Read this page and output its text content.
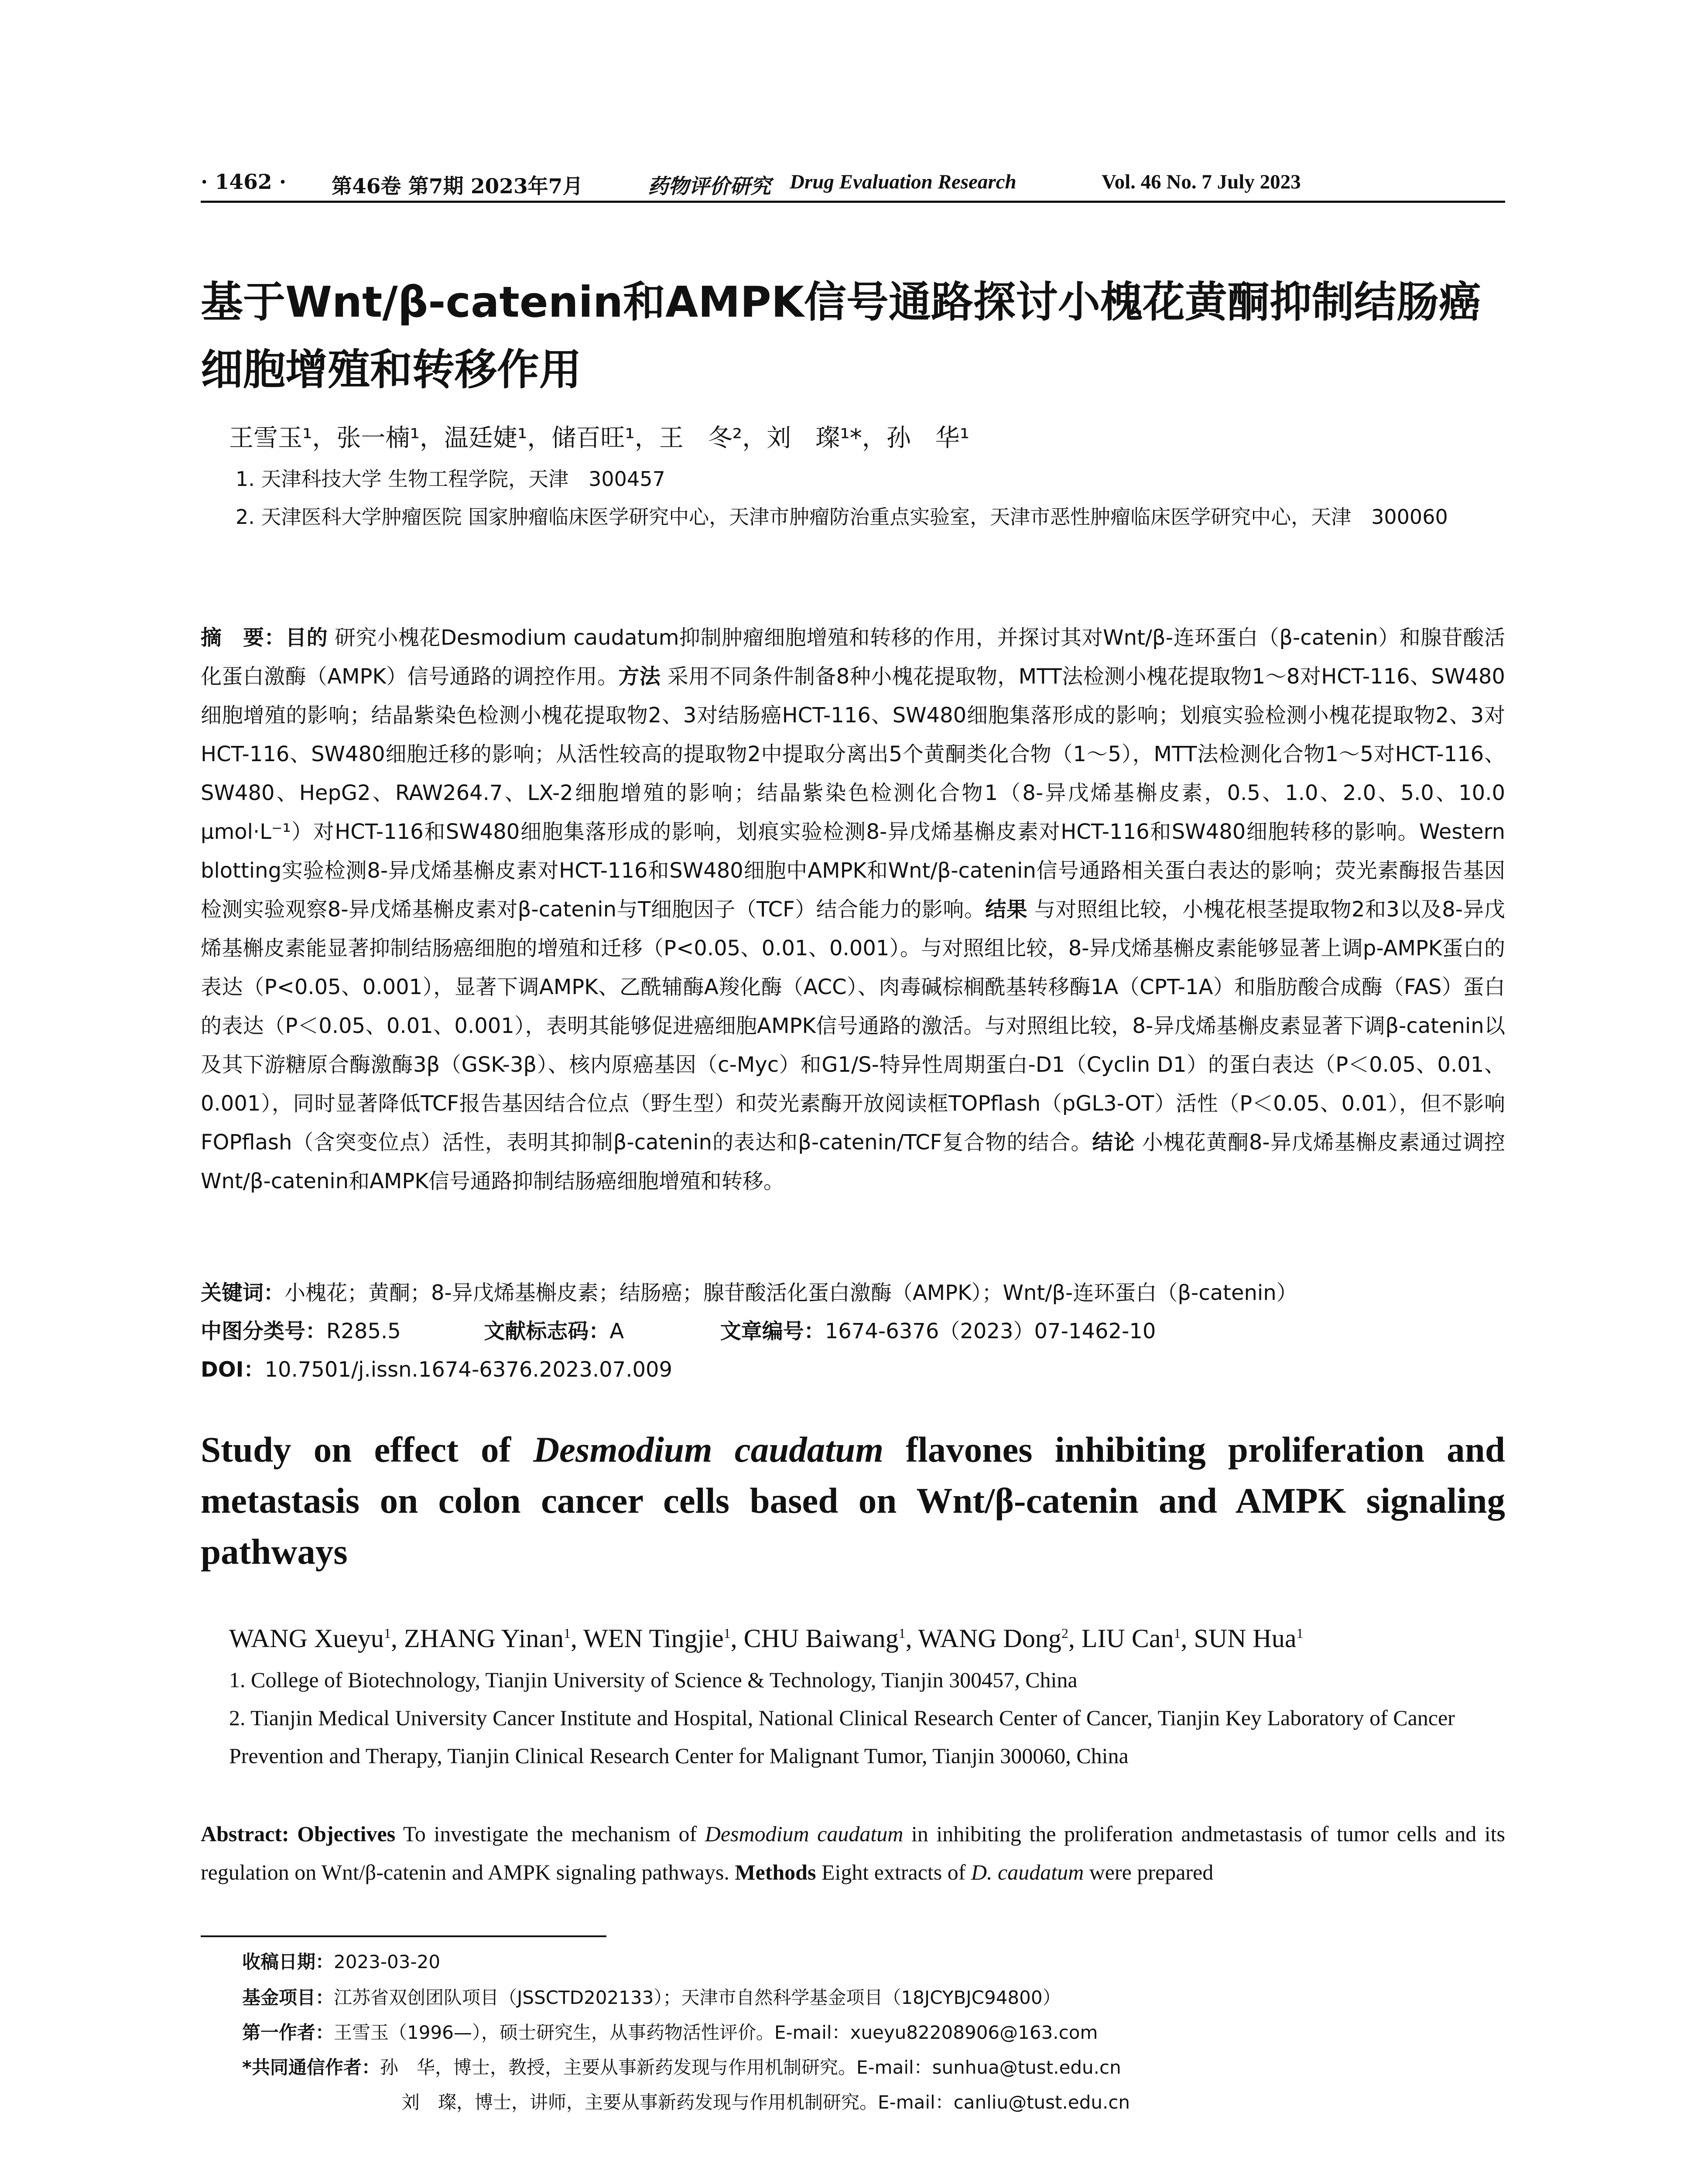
· 1462 · 第46卷 第7期 2023年7月	药物评价研究 Drug Evaluation Research	Vol. 46 No. 7 July 2023
基于Wnt/β-catenin和AMPK信号通路探讨小槐花黄酮抑制结肠癌细胞增殖和转移作用
王雪玉¹，张一楠¹，温廷婕¹，储百旺¹，王　冬²，刘　璨¹*，孙　华¹
1. 天津科技大学 生物工程学院，天津　300457
2. 天津医科大学肿瘤医院 国家肿瘤临床医学研究中心，天津市肿瘤防治重点实验室，天津市恶性肿瘤临床医学研究中心，天津　300060
摘　要：目的 研究小槐花Desmodium caudatum抑制肿瘤细胞增殖和转移的作用，并探讨其对Wnt/β-连环蛋白（β-catenin）和腺苷酸活化蛋白激酶（AMPK）信号通路的调控作用。方法 采用不同条件制备8种小槐花提取物，MTT法检测小槐花提取物1～8对HCT-116、SW480细胞增殖的影响；结晶紫染色检测小槐花提取物2、3对结肠癌HCT-116、SW480细胞集落形成的影响；划痕实验检测小槐花提取物2、3对HCT-116、SW480细胞迁移的影响；从活性较高的提取物2中提取分离出5个黄酮类化合物（1～5），MTT法检测化合物1～5对HCT-116、SW480、HepG2、RAW264.7、LX-2细胞增殖的影响；结晶紫染色检测化合物1（8-异戊烯基槲皮素，0.5、1.0、2.0、5.0、10.0 μmol·L⁻¹）对HCT-116和SW480细胞集落形成的影响，划痕实验检测8-异戊烯基槲皮素对HCT-116和SW480细胞转移的影响。Western blotting实验检测8-异戊烯基槲皮素对HCT-116和SW480细胞中AMPK和Wnt/β-catenin信号通路相关蛋白表达的影响；荧光素酶报告基因检测实验观察8-异戊烯基槲皮素对β-catenin与T细胞因子（TCF）结合能力的影响。结果 与对照组比较，小槐花根茎提取物2和3以及8-异戊烯基槲皮素能显著抑制结肠癌细胞的增殖和迁移（P<0.05、0.01、0.001）。与对照组比较，8-异戊烯基槲皮素能够显著上调p-AMPK蛋白的表达（P<0.05、0.001），显著下调AMPK、乙酰辅酶A羧化酶（ACC）、肉毒碱棕榈酰基转移酶1A（CPT-1A）和脂肪酸合成酶（FAS）蛋白的表达（P＜0.05、0.01、0.001），表明其能够促进癌细胞AMPK信号通路的激活。与对照组比较，8-异戊烯基槲皮素显著下调β-catenin以及其下游糖原合酶激酶3β（GSK-3β）、核内原癌基因（c-Myc）和G1/S-特异性周期蛋白-D1（Cyclin D1）的蛋白表达（P＜0.05、0.01、0.001），同时显著降低TCF报告基因结合位点（野生型）和荧光素酶开放阅读框TOPflash（pGL3-OT）活性（P＜0.05、0.01），但不影响FOPflash（含突变位点）活性，表明其抑制β-catenin的表达和β-catenin/TCF复合物的结合。结论 小槐花黄酮8-异戊烯基槲皮素通过调控Wnt/β-catenin和AMPK信号通路抑制结肠癌细胞增殖和转移。
关键词：小槐花；黄酮；8-异戊烯基槲皮素；结肠癌；腺苷酸活化蛋白激酶（AMPK）；Wnt/β-连环蛋白（β-catenin）
中图分类号：R285.5	文献标志码：A	文章编号：1674-6376（2023）07-1462-10
DOI：10.7501/j.issn.1674-6376.2023.07.009
Study on effect of Desmodium caudatum flavones inhibiting proliferation and metastasis on colon cancer cells based on Wnt/β-catenin and AMPK signaling pathways
WANG Xueyu$^1$, ZHANG Yinan$^1$, WEN Tingjie$^1$, CHU Baiwang$^1$, WANG Dong$^2$, LIU Can$^1$, SUN Hua$^1$
1. College of Biotechnology, Tianjin University of Science & Technology, Tianjin 300457, China
2. Tianjin Medical University Cancer Institute and Hospital, National Clinical Research Center of Cancer, Tianjin Key Laboratory of Cancer Prevention and Therapy, Tianjin Clinical Research Center for Malignant Tumor, Tianjin 300060, China
Abstract: Objectives To investigate the mechanism of Desmodium caudatum in inhibiting the proliferation andmetastasis of tumor cells and its regulation on Wnt/β-catenin and AMPK signaling pathways. Methods Eight extracts of D. caudatum were prepared
收稿日期：2023-03-20
基金项目：江苏省双创团队项目（JSSCTD202133）；天津市自然科学基金项目（18JCYBJC94800）
第一作者：王雪玉（1996—），硕士研究生，从事药物活性评价。E-mail：xueyu82208906@163.com
*共同通信作者：孙　华，博士，教授，主要从事新药发现与作用机制研究。E-mail：sunhua@tust.edu.cn
刘　璨，博士，讲师，主要从事新药发现与作用机制研究。E-mail：canliu@tust.edu.cn
